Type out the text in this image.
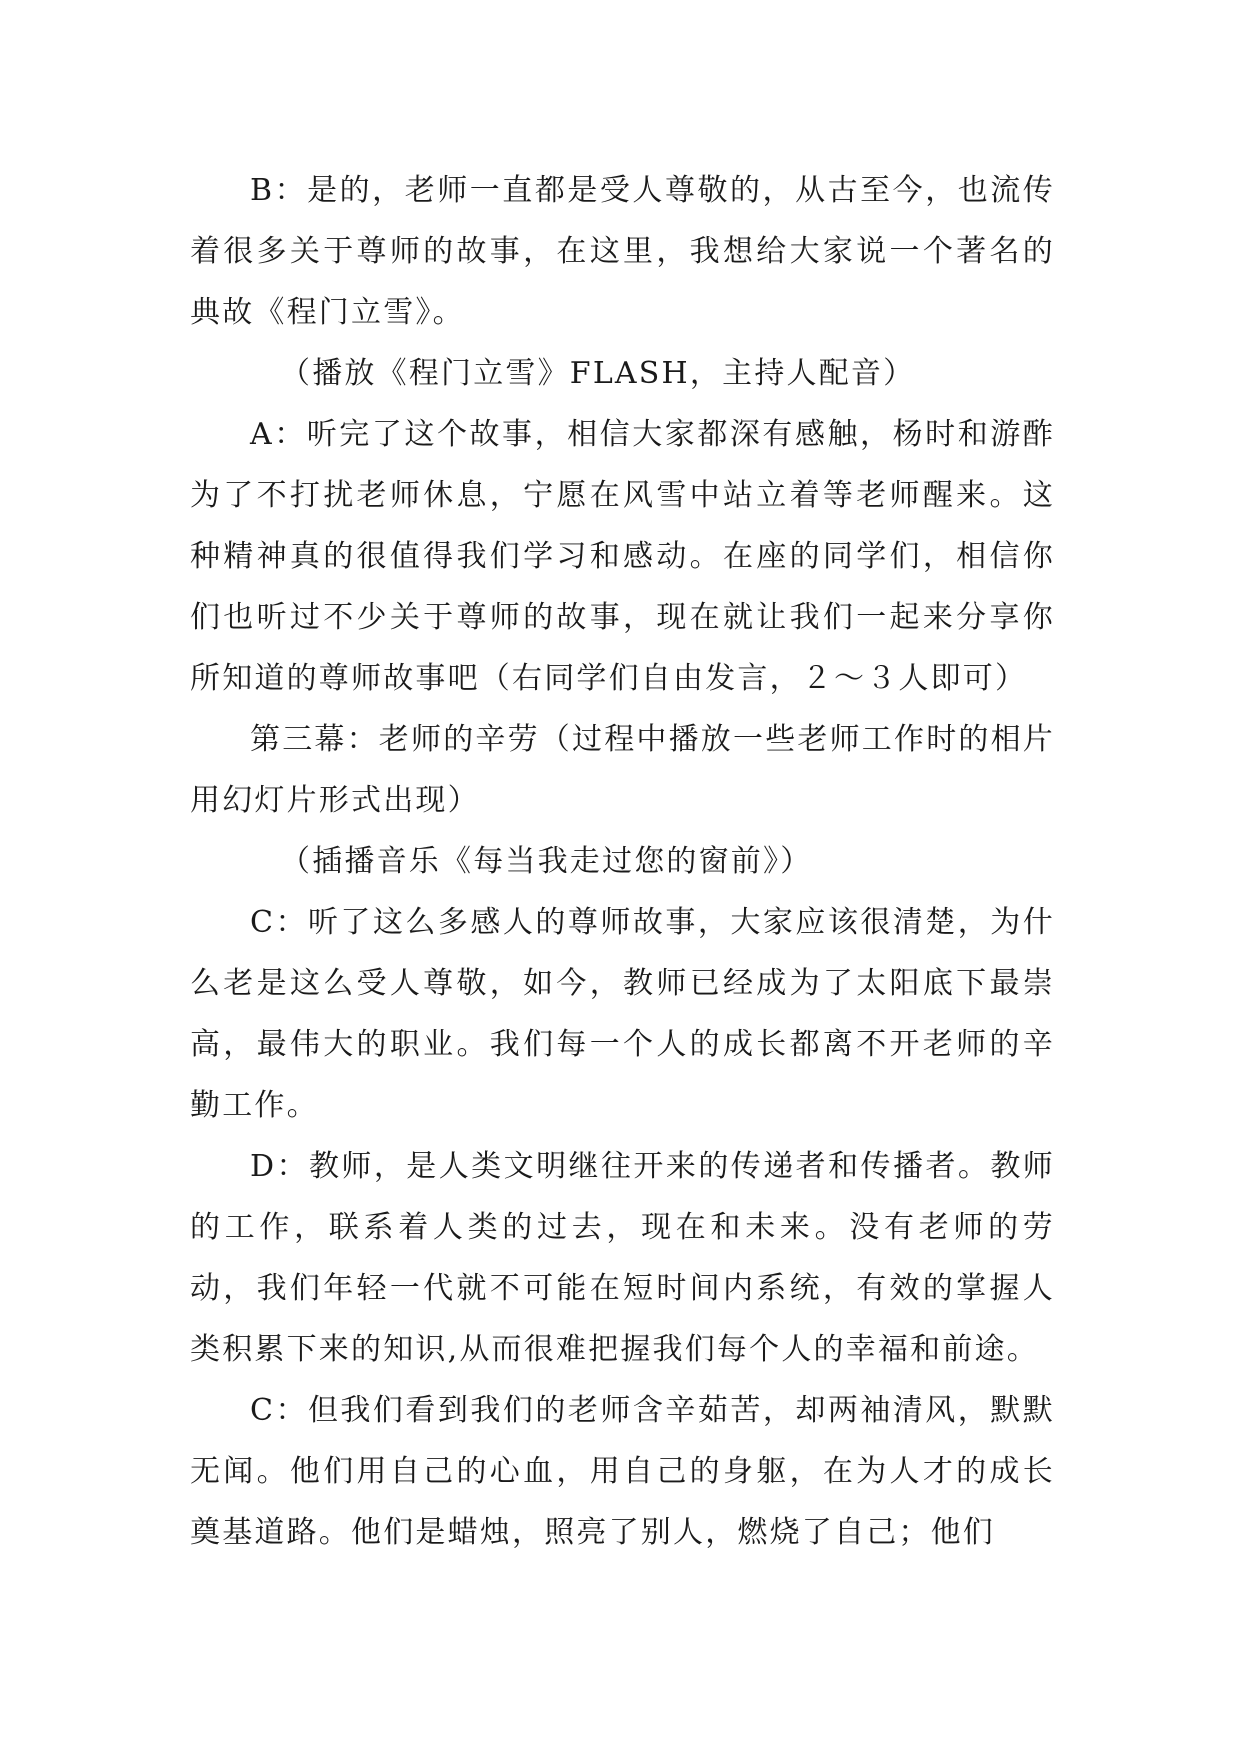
B：是的，老师一直都是受人尊敬的，从古至今，也流传着很多关于尊师的故事，在这里，我想给大家说一个著名的典故《程门立雪》。

（播放《程门立雪》FLASH，主持人配音）

A：听完了这个故事，相信大家都深有感触，杨时和游酢为了不打扰老师休息，宁愿在风雪中站立着等老师醒来。这种精神真的很值得我们学习和感动。在座的同学们，相信你们也听过不少关于尊师的故事，现在就让我们一起来分享你所知道的尊师故事吧（右同学们自由发言，２～３人即可）

第三幕：老师的辛劳（过程中播放一些老师工作时的相片用幻灯片形式出现）

（插播音乐《每当我走过您的窗前》）

C：听了这么多感人的尊师故事，大家应该很清楚，为什么老是这么受人尊敬，如今，教师已经成为了太阳底下最崇高，最伟大的职业。我们每一个人的成长都离不开老师的辛勤工作。

D：教师，是人类文明继往开来的传递者和传播者。教师的工作，联系着人类的过去，现在和未来。没有老师的劳动，我们年轻一代就不可能在短时间内系统，有效的掌握人类积累下来的知识,从而很难把握我们每个人的幸福和前途。

C：但我们看到我们的老师含辛茹苦，却两袖清风，默默无闻。他们用自己的心血，用自己的身躯，在为人才的成长奠基道路。他们是蜡烛，照亮了别人，燃烧了自己；他们
